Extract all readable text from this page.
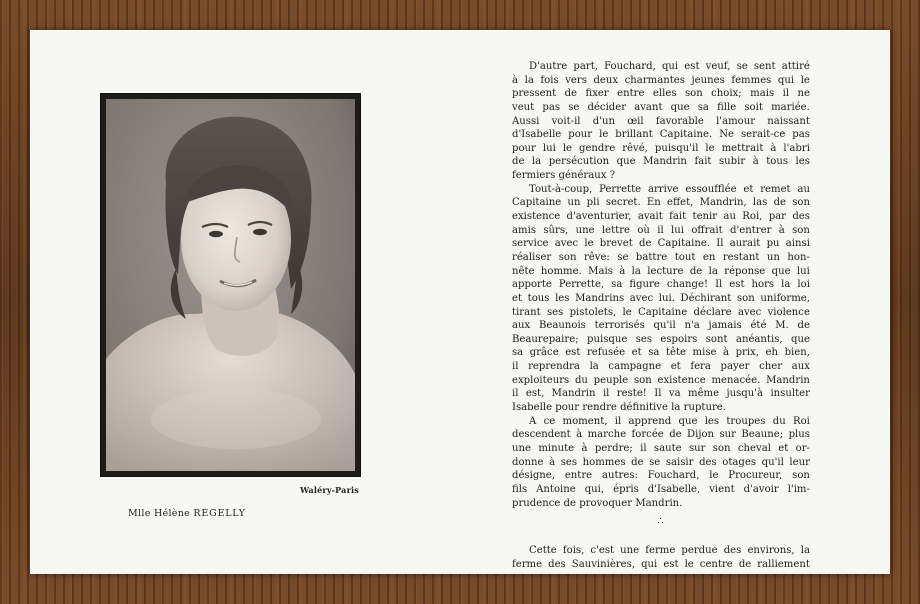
Waléry-Paris
Mlle Hélène REGELLY
D'autre part, Fouchard, qui est veuf, se sent attiré
à la fois vers deux charmantes jeunes femmes qui le
pressent de fixer entre elles son choix; mais il ne
veut pas se décider avant que sa fille soit mariée.
Aussi voit-il d'un œil favorable l'amour naissant
d'Isabelle pour le brillant Capitaine. Ne serait-ce pas
pour lui le gendre rêvé, puisqu'il le mettrait à l'abri
de la persécution que Mandrin fait subir à tous les
fermiers généraux ?
Tout-à-coup, Perrette arrive essoufflée et remet au
Capitaine un pli secret. En effet, Mandrin, las de son
existence d'aventurier, avait fait tenir au Roi, par des
amis sûrs, une lettre où il lui offrait d'entrer à son
service avec le brevet de Capitaine. Il aurait pu ainsi
réaliser son rêve: se battre tout en restant un hon-
nête homme. Mais à la lecture de la réponse que lui
apporte Perrette, sa figure change! Il est hors la loi
et tous les Mandrins avec lui. Déchirant son uniforme,
tirant ses pistolets, le Capitaine déclare avec violence
aux Beaunois terrorisés qu'il n'a jamais été M. de
Beaurepaire; puisque ses espoirs sont anéantis, que
sa grâce est refusée et sa tête mise à prix, eh bien,
il reprendra la campagne et fera payer cher aux
exploiteurs du peuple son existence menacée. Mandrin
il est, Mandrin il reste! Il va même jusqu'à insulter
Isabelle pour rendre définitive la rupture.
A ce moment, il apprend que les troupes du Roi
descendent à marche forcée de Dijon sur Beaune; plus
une minute à perdre; il saute sur son cheval et or-
donne à ses hommes de se saisir des otages qu'il leur
désigne, entre autres: Fouchard, le Procureur, son
fils Antoine qui, épris d'Isabelle, vient d'avoir l'im-
prudence de provoquer Mandrin.
∴
Cette fois, c'est une ferme perdue des environs, la
ferme des Sauvinières, qui est le centre de ralliement
